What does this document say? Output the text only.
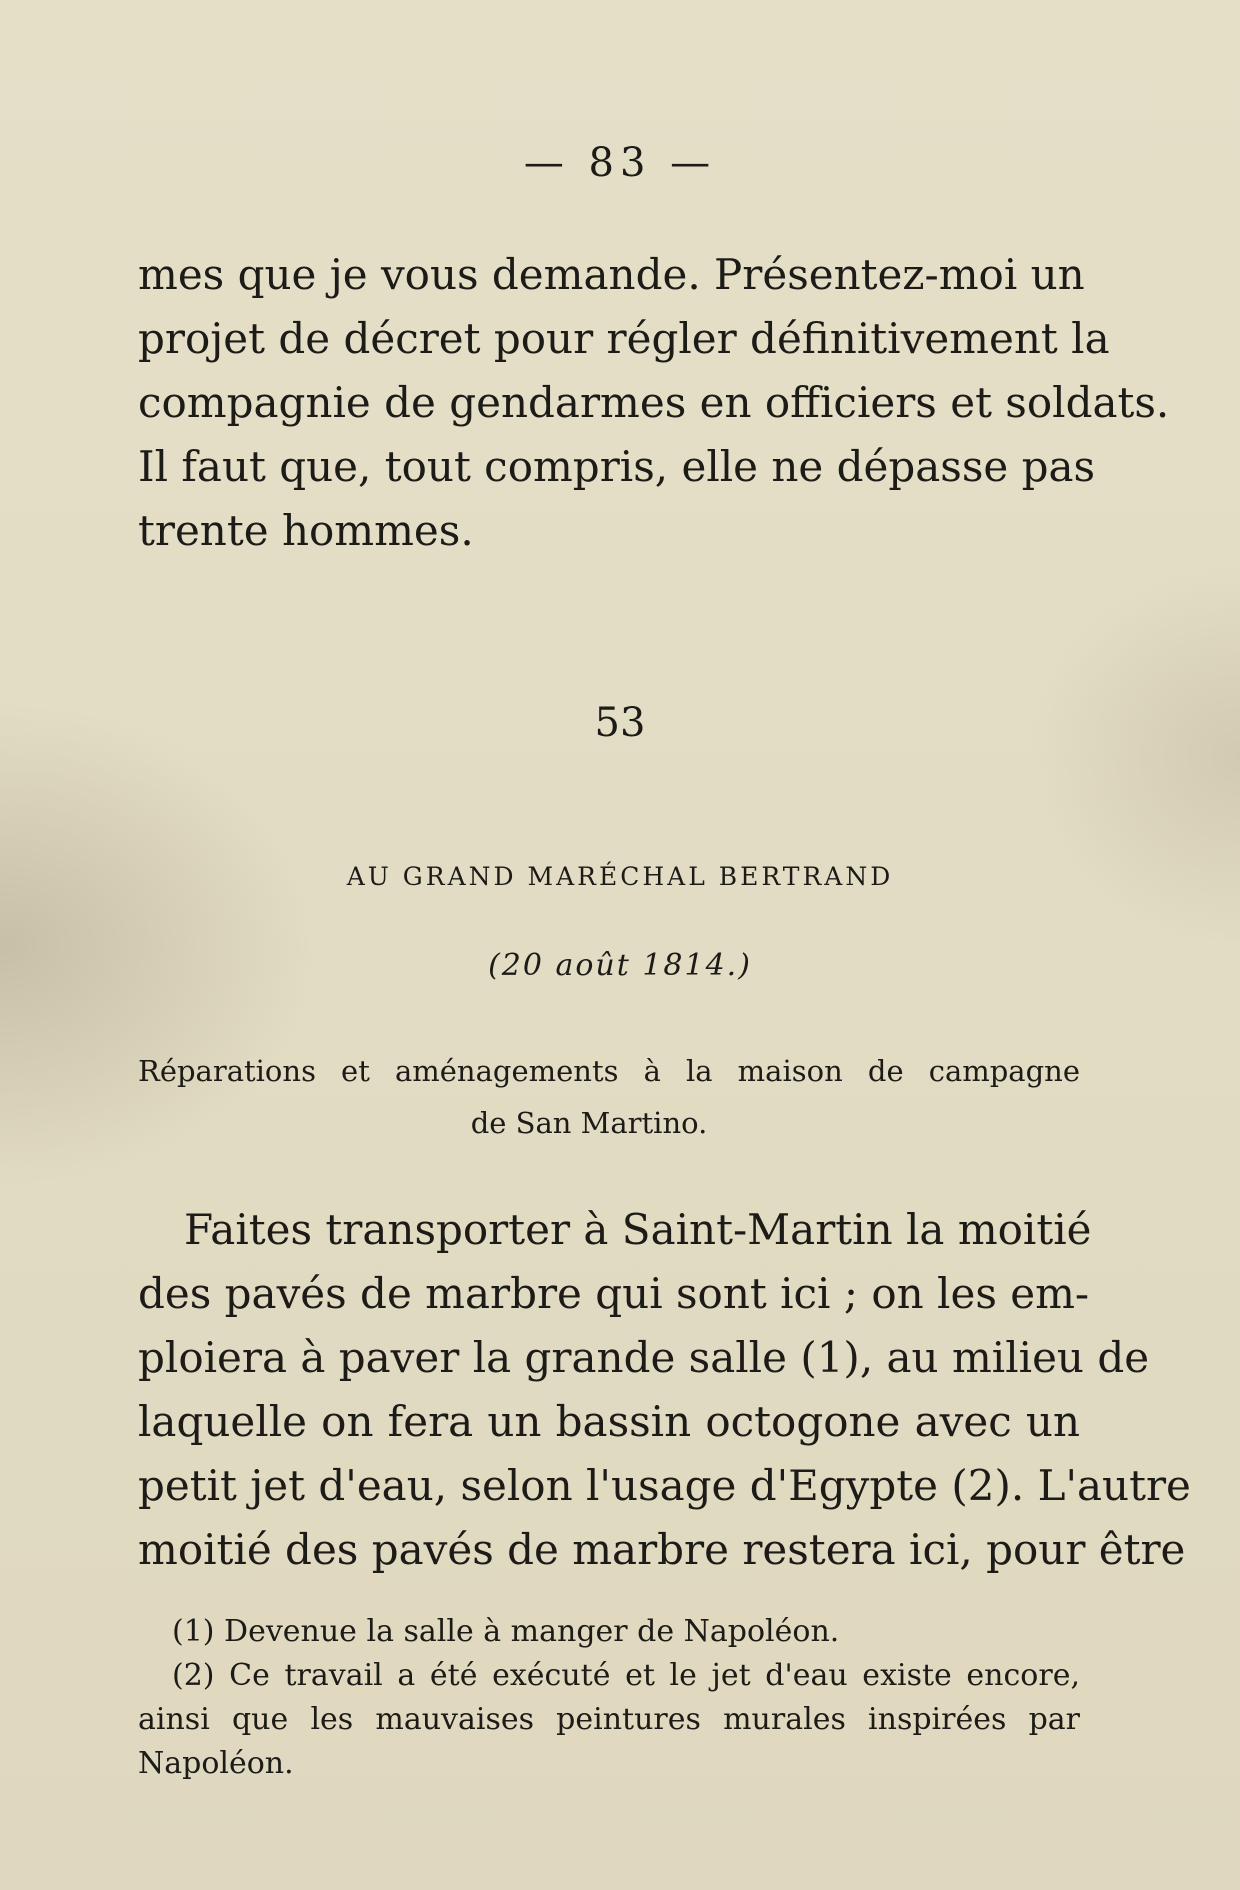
— 83 —

mes que je vous demande. Présentez-moi un
projet de décret pour régler définitivement la
compagnie de gendarmes en officiers et soldats.
Il faut que, tout compris, elle ne dépasse pas
trente hommes.

53
AU GRAND MARÉCHAL BERTRAND
(20 août 1814.)
Réparations et aménagements à la maison de campagne
de San Martino.

Faites transporter à Saint-Martin la moitié
des pavés de marbre qui sont ici ; on les em-
ploiera à paver la grande salle (1), au milieu de
laquelle on fera un bassin octogone avec un
petit jet d'eau, selon l'usage d'Egypte (2). L'autre
moitié des pavés de marbre restera ici, pour être

(1) Devenue la salle à manger de Napoléon.
(2) Ce travail a été exécuté et le jet d'eau existe encore,
ainsi que les mauvaises peintures murales inspirées par
Napoléon.
